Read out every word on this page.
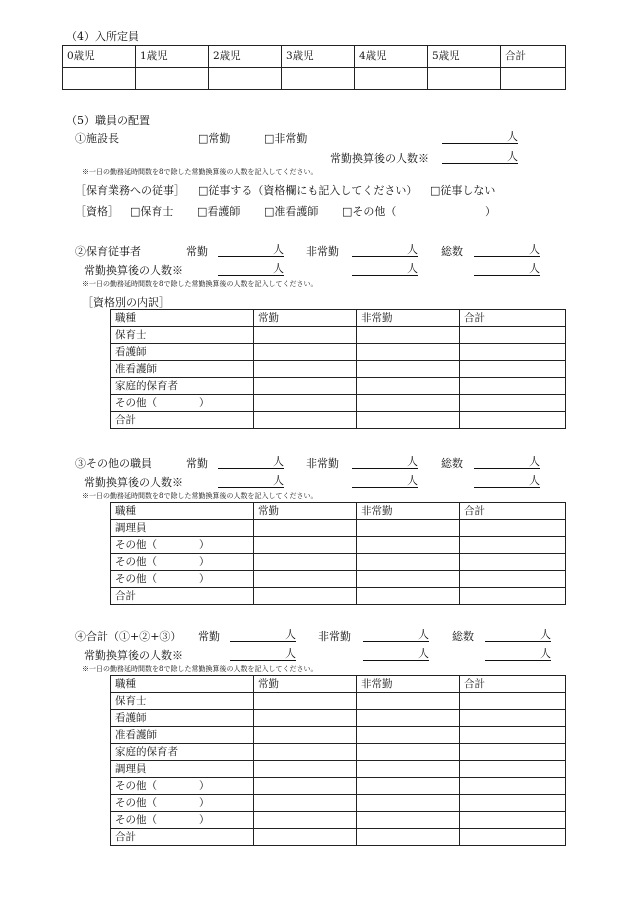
（4）入所定員
0歳児	1歳児	2歳児	3歳児	4歳児	5歳児	合計

（5）職員の配置
①施設長	□常勤	□非常勤	人
常勤換算後の人数※	人
※一日の勤務延時間数を8で除した常勤換算後の人数を記入してください。
［保育業務への従事］ □従事する（資格欄にも記入してください） □従事しない
［資格］ □保育士 □看護師 □准看護師 □その他（	）
②保育従事者	常勤	人 非常勤	人 総数	人
常勤換算後の人数※	人	人	人
※一日の勤務延時間数を8で除した常勤換算後の人数を記入してください。
［資格別の内訳］
職種	常勤	非常勤	合計
保育士			
看護師			
准看護師			
家庭的保育者			
その他（　　　　）			
合計			
③その他の職員	常勤	人 非常勤	人 総数	人
常勤換算後の人数※	人	人	人
※一日の勤務延時間数を8で除した常勤換算後の人数を記入してください。
職種	常勤	非常勤	合計
調理員			
その他（　　　　）			
その他（　　　　）			
その他（　　　　）			
合計			
④合計（①+②+③） 常勤	人 非常勤	人 総数	人
常勤換算後の人数※	人	人	人
※一日の勤務延時間数を8で除した常勤換算後の人数を記入してください。
職種	常勤	非常勤	合計
保育士			
看護師			
准看護師			
家庭的保育者			
調理員			
その他（　　　　）			
その他（　　　　）			
その他（　　　　）			
合計			
